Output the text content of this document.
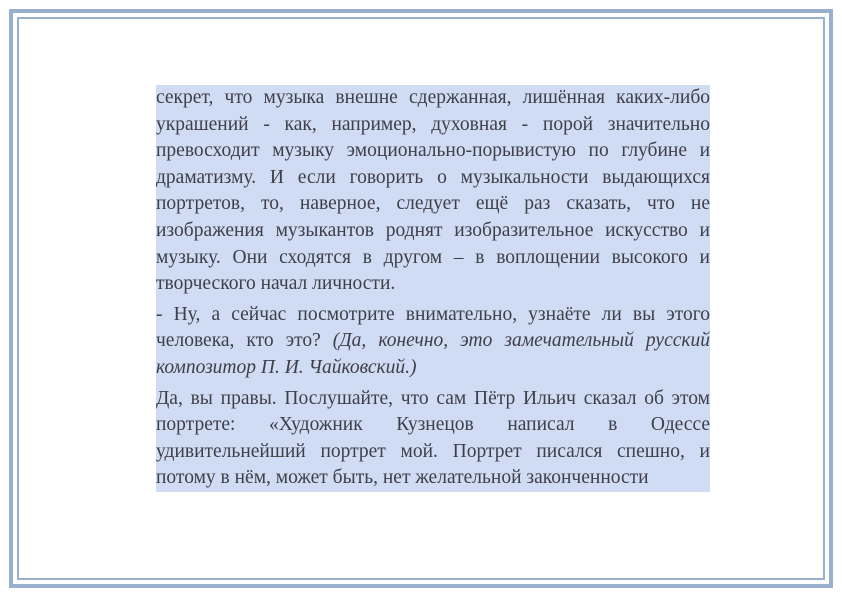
секрет, что музыка внешне сдержанная, лишённая каких-либо украшений - как, например, духовная - порой значительно превосходит музыку эмоционально-порывистую по глубине и драматизму. И если говорить о музыкальности выдающихся портретов, то, наверное, следует ещё раз сказать, что не изображения музыкантов роднят изобразительное искусство и музыку. Они сходятся в другом – в воплощении высокого и творческого начал личности.

- Ну, а сейчас посмотрите внимательно, узнаёте ли вы этого человека, кто это? (Да, конечно, это замечательный русский композитор П. И. Чайковский.)

Да, вы правы. Послушайте, что сам Пётр Ильич сказал об этом портрете: «Художник Кузнецов написал в Одессе удивительнейший портрет мой. Портрет писался спешно, и потому в нём, может быть, нет желательной законченности
